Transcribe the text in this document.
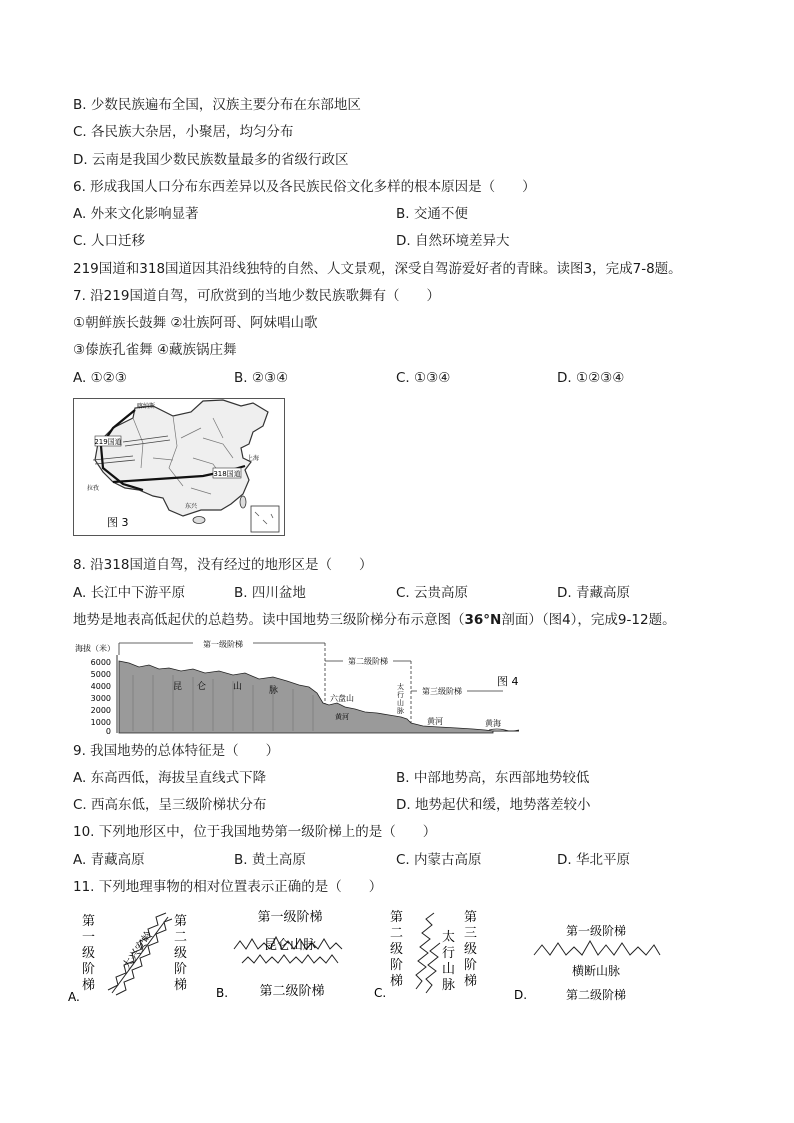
B. 少数民族遍布全国，汉族主要分布在东部地区
C. 各民族大杂居，小聚居，均匀分布
D. 云南是我国少数民族数量最多的省级行政区
6. 形成我国人口分布东西差异以及各民族民俗文化多样的根本原因是（　　）
A. 外来文化影响显著	B. 交通不便
C. 人口迁移	D. 自然环境差异大
219国道和318国道因其沿线独特的自然、人文景观，深受自驾游爱好者的青睐。读图3，完成7-8题。
7. 沿219国道自驾，可欣赏到的当地少数民族歌舞有（　　）
①朝鲜族长鼓舞 ②壮族阿哥、阿妹唱山歌
③傣族孔雀舞 ④藏族锅庄舞
A. ①②③	B. ②③④	C. ①③④	D. ①②③④
219国道
318国道
喀纳斯
上海
拉孜
东兴
图 3
8. 沿318国道自驾，没有经过的地形区是（　　）
A. 长江中下游平原	B. 四川盆地	C. 云贵高原	D. 青藏高原
地势是地表高低起伏的总趋势。读中国地势三级阶梯分布示意图（36°N剖面）（图4），完成9-12题。
海拔（米）
6000
5000
4000
3000
2000
1000
0
第一级阶梯
第二级阶梯
第三级阶梯
昆 仑	山	脉
六盘山
黄河
太
行
山
脉
黄河	黄海
图 4
9. 我国地势的总体特征是（　　）
A. 东高西低，海拔呈直线式下降	B. 中部地势高，东西部地势较低
C. 西高东低，呈三级阶梯状分布	D. 地势起伏和缓，地势落差较小
10. 下列地形区中，位于我国地势第一级阶梯上的是（　　）
A. 青藏高原	B. 黄土高原	C. 内蒙古高原	D. 华北平原
11. 下列地理事物的相对位置表示正确的是（　　）
第
一
级
阶
梯
第
二
级
阶
梯
大兴安岭
A.
第一级阶梯
昆仑山脉
第二级阶梯
B.
第
二
级
阶
梯
第
三
级
阶
梯
太
行
山
脉
C.
第一级阶梯
横断山脉
第二级阶梯
D.
